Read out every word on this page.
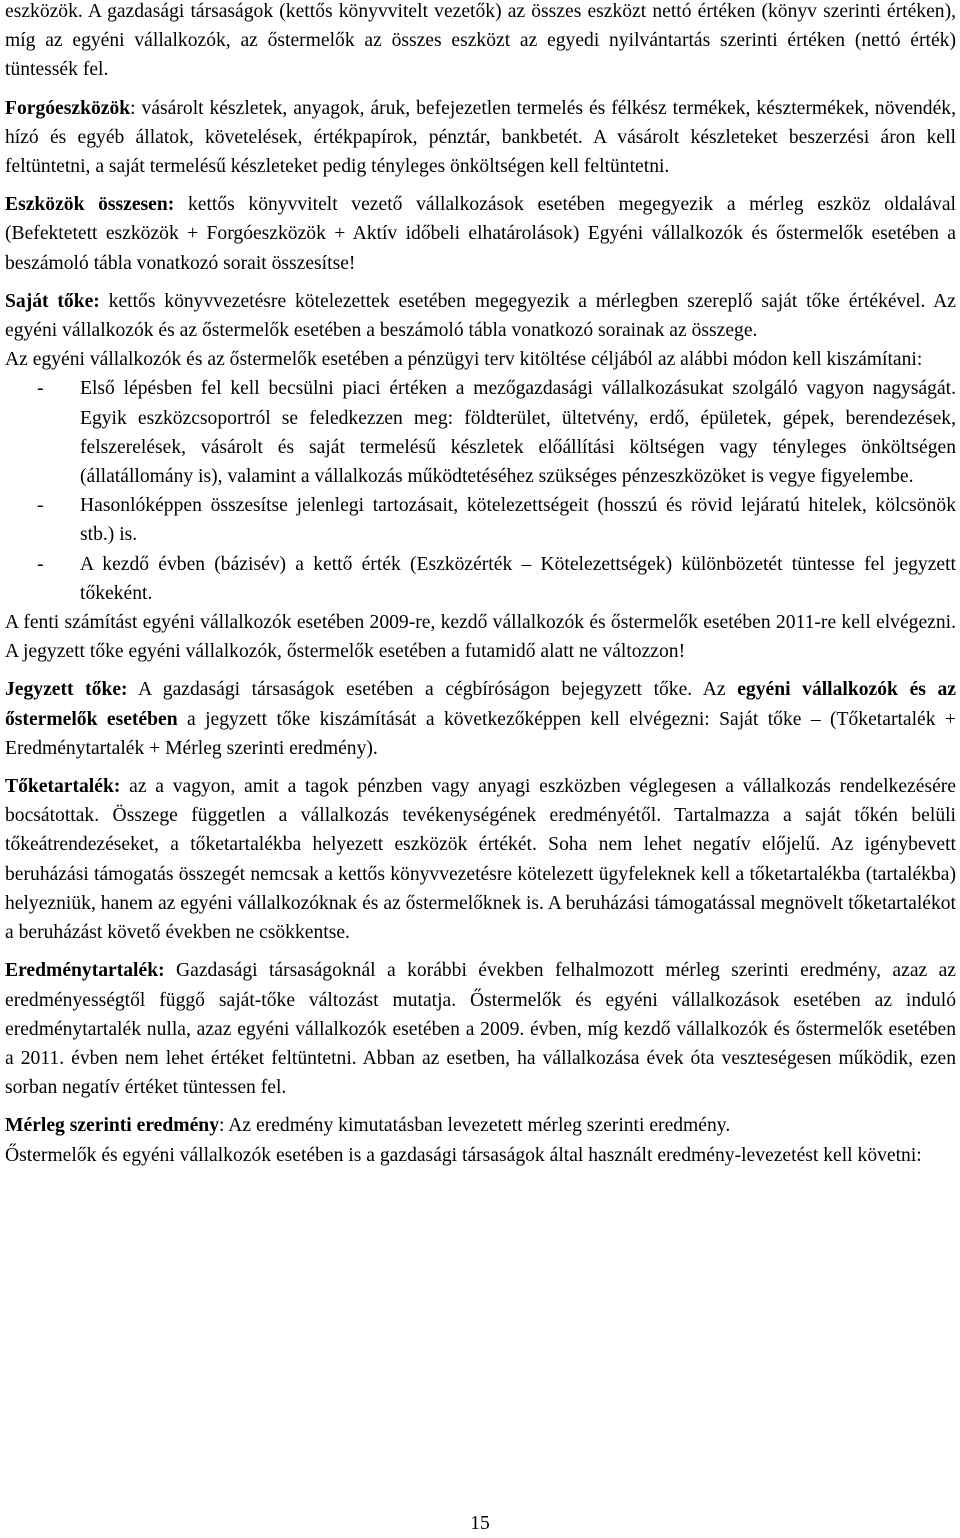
eszközök. A gazdasági társaságok (kettős könyvvitelt vezetők) az összes eszközt nettó értéken (könyv szerinti értéken), míg az egyéni vállalkozók, az őstermelők az összes eszközt az egyedi nyilvántartás szerinti értéken (nettó érték) tüntessék fel.

Forgóeszközök: vásárolt készletek, anyagok, áruk, befejezetlen termelés és félkész termékek, késztermékek, növendék, hízó és egyéb állatok, követelések, értékpapírok, pénztár, bankbetét. A vásárolt készleteket beszerzési áron kell feltüntetni, a saját termelésű készleteket pedig tényleges önköltségen kell feltüntetni.

Eszközök összesen: kettős könyvvitelt vezető vállalkozások esetében megegyezik a mérleg eszköz oldalával (Befektetett eszközök + Forgóeszközök + Aktív időbeli elhatárolások) Egyéni vállalkozók és őstermelők esetében a beszámoló tábla vonatkozó sorait összesítse!

Saját tőke: kettős könyvvezetésre kötelezettek esetében megegyezik a mérlegben szereplő saját tőke értékével. Az egyéni vállalkozók és az őstermelők esetében a beszámoló tábla vonatkozó sorainak az összege.

Az egyéni vállalkozók és az őstermelők esetében a pénzügyi terv kitöltése céljából az alábbi módon kell kiszámítani:

- Első lépésben fel kell becsülni piaci értéken a mezőgazdasági vállalkozásukat szolgáló vagyon nagyságát. Egyik eszközcsoportról se feledkezzen meg: földterület, ültetvény, erdő, épületek, gépek, berendezések, felszerelések, vásárolt és saját termelésű készletek előállítási költségen vagy tényleges önköltségen (állatállomány is), valamint a vállalkozás működtetéséhez szükséges pénzeszközöket is vegye figyelembe.
- Hasonlóképpen összesítse jelenlegi tartozásait, kötelezettségeit (hosszú és rövid lejáratú hitelek, kölcsönök stb.) is.
- A kezdő évben (bázisév) a kettő érték (Eszközérték – Kötelezettségek) különbözetét tüntesse fel jegyzett tőkeként.

A fenti számítást egyéni vállalkozók esetében 2009-re, kezdő vállalkozók és őstermelők esetében 2011-re kell elvégezni. A jegyzett tőke egyéni vállalkozók, őstermelők esetében a futamidő alatt ne változzon!

Jegyzett tőke: A gazdasági társaságok esetében a cégbíróságon bejegyzett tőke. Az egyéni vállalkozók és az őstermelők esetében a jegyzett tőke kiszámítását a következőképpen kell elvégezni: Saját tőke – (Tőketartalék + Eredménytartalék + Mérleg szerinti eredmény).

Tőketartalék: az a vagyon, amit a tagok pénzben vagy anyagi eszközben véglegesen a vállalkozás rendelkezésére bocsátottak. Összege független a vállalkozás tevékenységének eredményétől. Tartalmazza a saját tőkén belüli tőkeátrendezéseket, a tőketartalékba helyezett eszközök értékét. Soha nem lehet negatív előjelű. Az igénybevett beruházási támogatás összegét nemcsak a kettős könyvvezetésre kötelezett ügyfeleknek kell a tőketartalékba (tartalékba) helyezniük, hanem az egyéni vállalkozóknak és az őstermelőknek is. A beruházási támogatással megnövelt tőketartalékot a beruházást követő években ne csökkentse.

Eredménytartalék: Gazdasági társaságoknál a korábbi években felhalmozott mérleg szerinti eredmény, azaz az eredményességtől függő saját-tőke változást mutatja. Őstermelők és egyéni vállalkozások esetében az induló eredménytartalék nulla, azaz egyéni vállalkozók esetében a 2009. évben, míg kezdő vállalkozók és őstermelők esetében a 2011. évben nem lehet értéket feltüntetni. Abban az esetben, ha vállalkozása évek óta veszteségesen működik, ezen sorban negatív értéket tüntessen fel.

Mérleg szerinti eredmény: Az eredmény kimutatásban levezetett mérleg szerinti eredmény.

Őstermelők és egyéni vállalkozók esetében is a gazdasági társaságok által használt eredmény-levezetést kell követni:

15
